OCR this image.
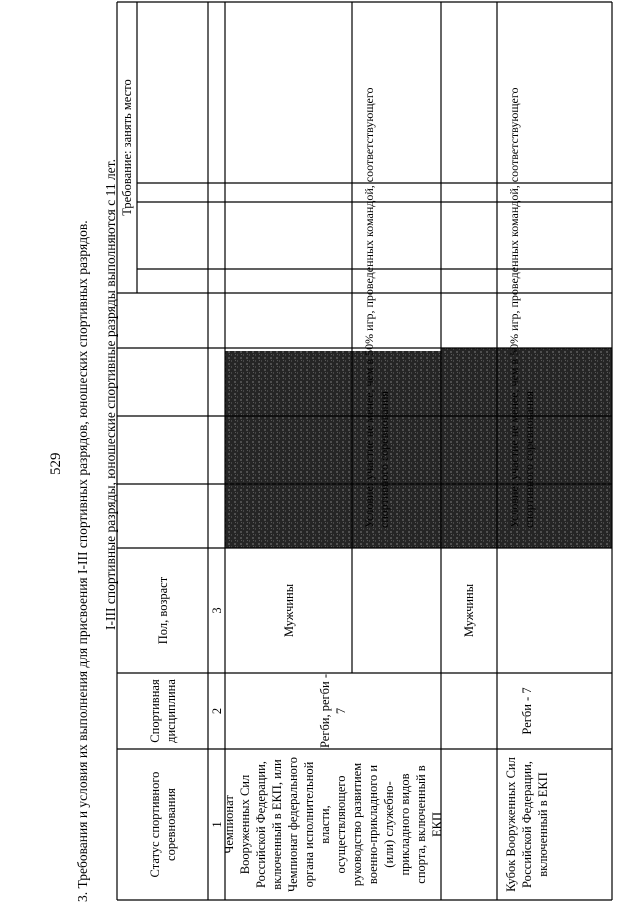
529 3. Требования и условия их выполнения для присвоения I-III спортивных разрядов, юношеских спортивных разрядов. I-III спортивные разряды, юношеские спортивные разряды выполняются с 11 лет.
Статус спортивного соревнования
Спортивная дисциплина
Пол, возраст
Требование: занять место
1
2
3
Чемпионат Вооруженных Сил Российской Федерации, включенный в ЕКП, или Чемпионат федерального органа исполнительной власти, осуществляющего руководство развитием военно-прикладного и (или) служебно-прикладного видов спорта, включенный в ЕКП
Регби, регби - 7
Мужчины
Условие: участие не менее, чем в 50% игр, проведенных командой, соответствующего спортивного соревнования
Кубок Вооруженных Сил Российской Федерации, включенный в ЕКП
Регби - 7
Мужчины
Условие: участие не менее, чем в 50% игр, проведенных командой, соответствующего спортивного соревнования
